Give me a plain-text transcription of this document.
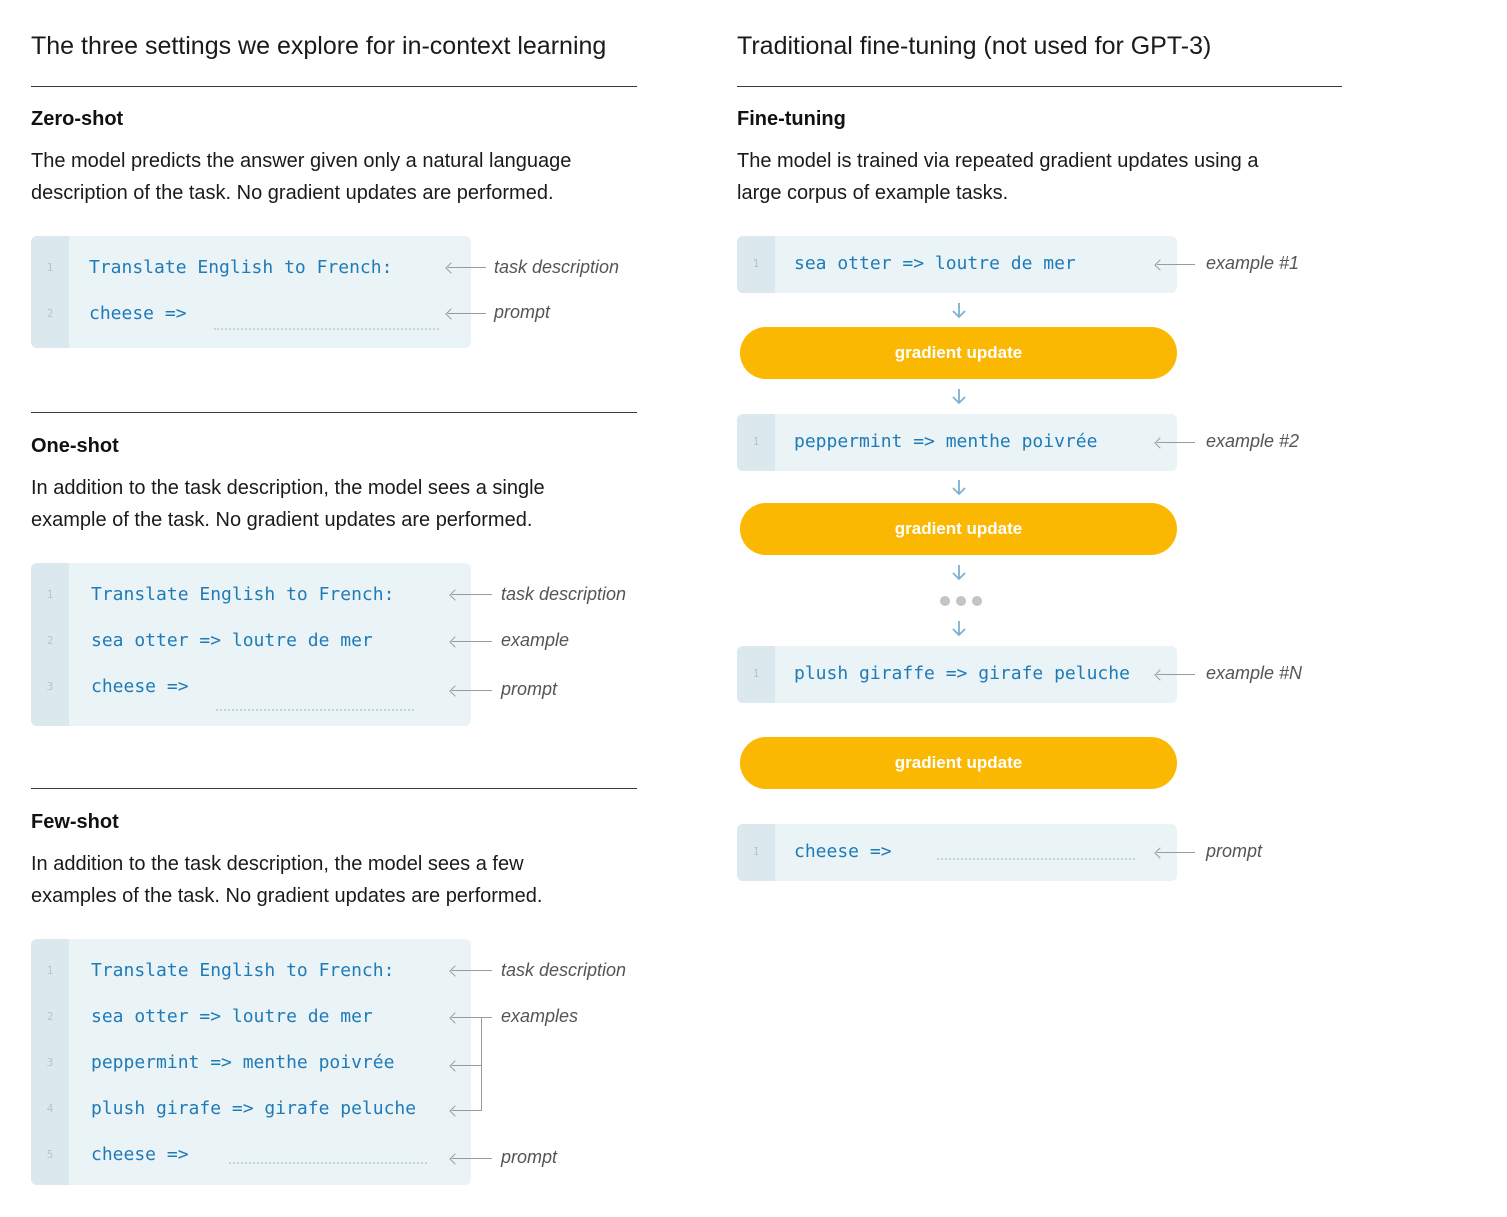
The three settings we explore for in-context learning
Zero-shot
The model predicts the answer given only a natural language
description of the task. No gradient updates are performed.
1	Translate English to French:
2	cheese =>
task description
prompt
One-shot
In addition to the task description, the model sees a single
example of the task. No gradient updates are performed.
1	Translate English to French:
2	sea otter => loutre de mer
3	cheese =>
task description
example
prompt
Few-shot
In addition to the task description, the model sees a few
examples of the task. No gradient updates are performed.
1	Translate English to French:
2	sea otter => loutre de mer
3	peppermint => menthe poivrée
4	plush girafe => girafe peluche
5	cheese =>
task description
examples
prompt
Traditional fine-tuning (not used for GPT-3)
Fine-tuning
The model is trained via repeated gradient updates using a
large corpus of example tasks.
1	sea otter => loutre de mer	example #1
gradient update
1	peppermint => menthe poivrée	example #2
gradient update
1	plush giraffe => girafe peluche	example #N
gradient update
1	cheese =>	prompt
